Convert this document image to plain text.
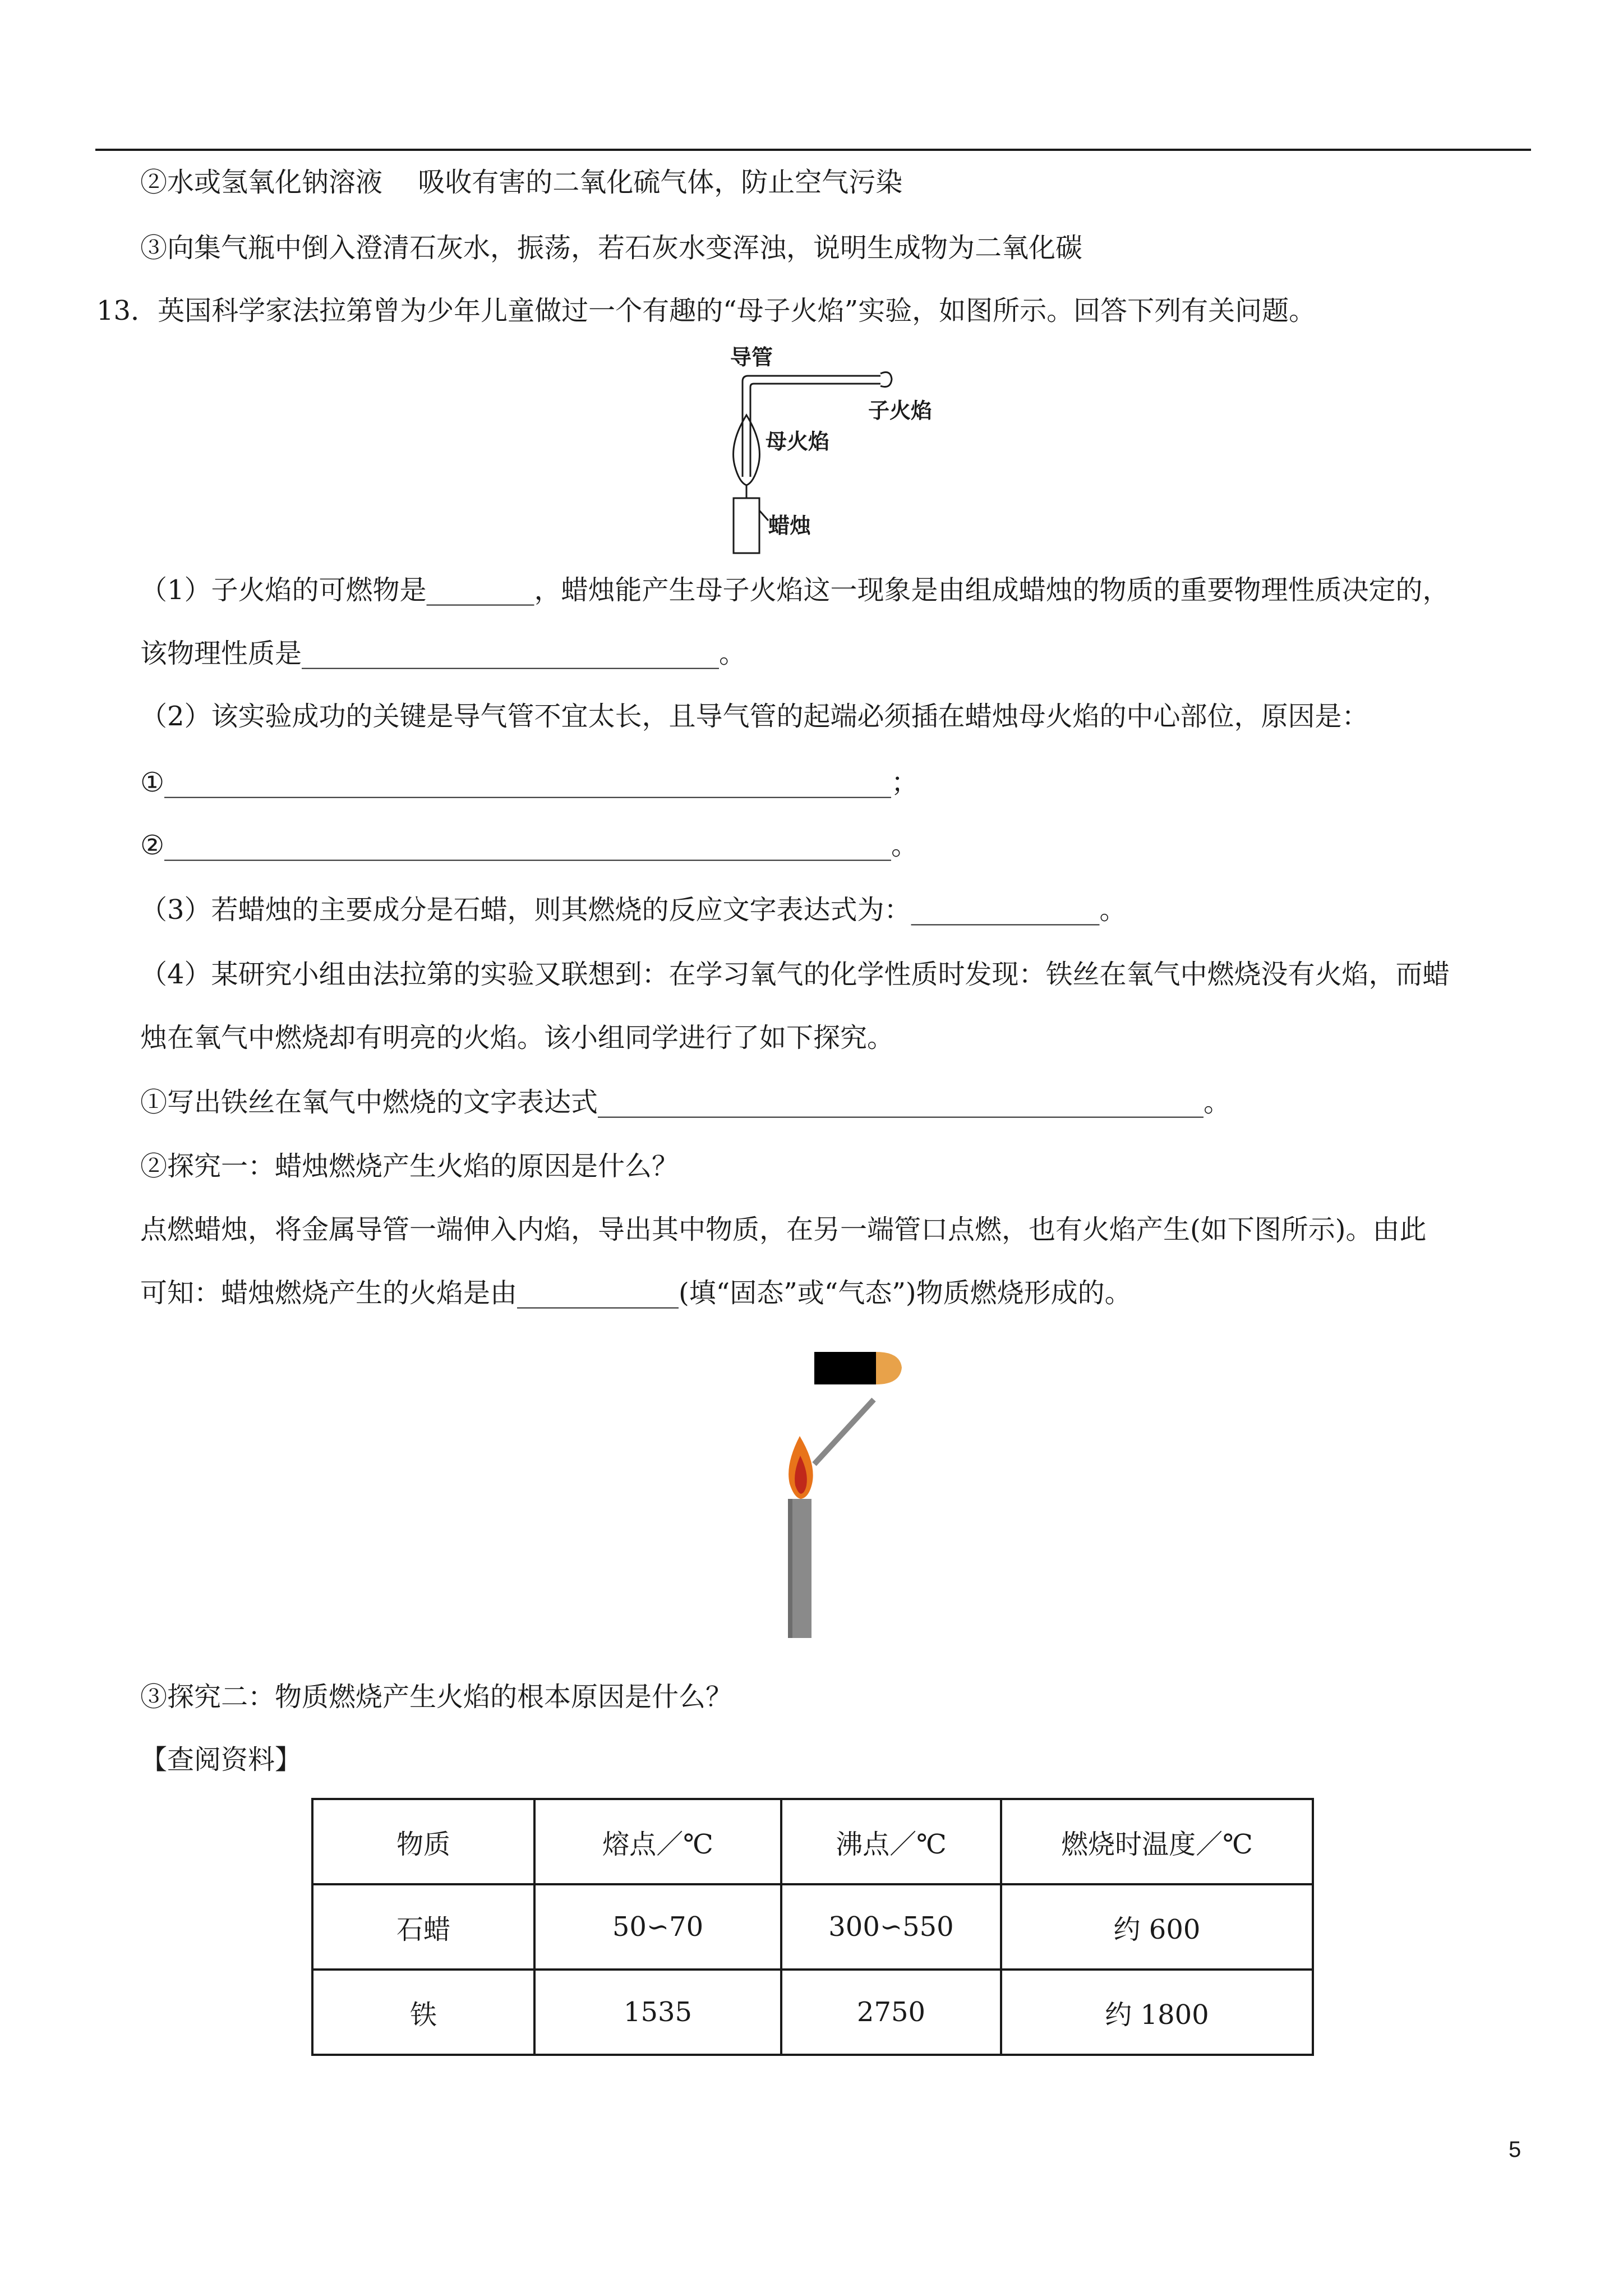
②水或氢氧化钠溶液　 吸收有害的二氧化硫气体，防止空气污染
③向集气瓶中倒入澄清石灰水，振荡，若石灰水变浑浊，说明生成物为二氧化碳
13．英国科学家法拉第曾为少年儿童做过一个有趣的“母子火焰”实验，如图所示。回答下列有关问题。
导管
子火焰
母火焰
蜡烛
（1）子火焰的可燃物是________，蜡烛能产生母子火焰这一现象是由组成蜡烛的物质的重要物理性质决定的，
该物理性质是_______________________________。
（2）该实验成功的关键是导气管不宜太长，且导气管的起端必须插在蜡烛母火焰的中心部位，原因是：
①______________________________________________________；
②______________________________________________________。
（3）若蜡烛的主要成分是石蜡，则其燃烧的反应文字表达式为：______________。
（4）某研究小组由法拉第的实验又联想到：在学习氧气的化学性质时发现：铁丝在氧气中燃烧没有火焰，而蜡
烛在氧气中燃烧却有明亮的火焰。该小组同学进行了如下探究。
①写出铁丝在氧气中燃烧的文字表达式_____________________________________________。
②探究一：蜡烛燃烧产生火焰的原因是什么？
点燃蜡烛，将金属导管一端伸入内焰，导出其中物质，在另一端管口点燃，也有火焰产生(如下图所示)。由此
可知：蜡烛燃烧产生的火焰是由____________(填“固态”或“气态”)物质燃烧形成的。
③探究二：物质燃烧产生火焰的根本原因是什么？
【查阅资料】
物质	熔点／℃	沸点／℃	燃烧时温度／℃
石蜡	50∽70	300∽550	约 600
铁	1535	2750	约 1800
5
